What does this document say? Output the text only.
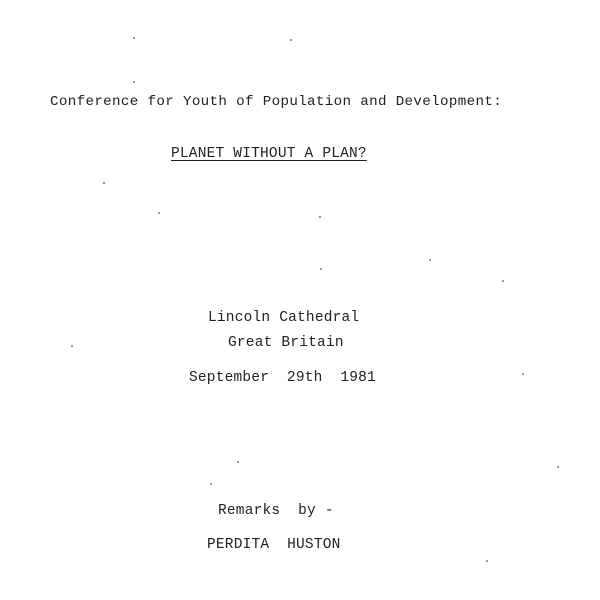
Conference for Youth of Population and Development:
PLANET WITHOUT A PLAN?
Lincoln Cathedral
Great Britain
September  29th  1981
Remarks  by -
PERDITA  HUSTON
